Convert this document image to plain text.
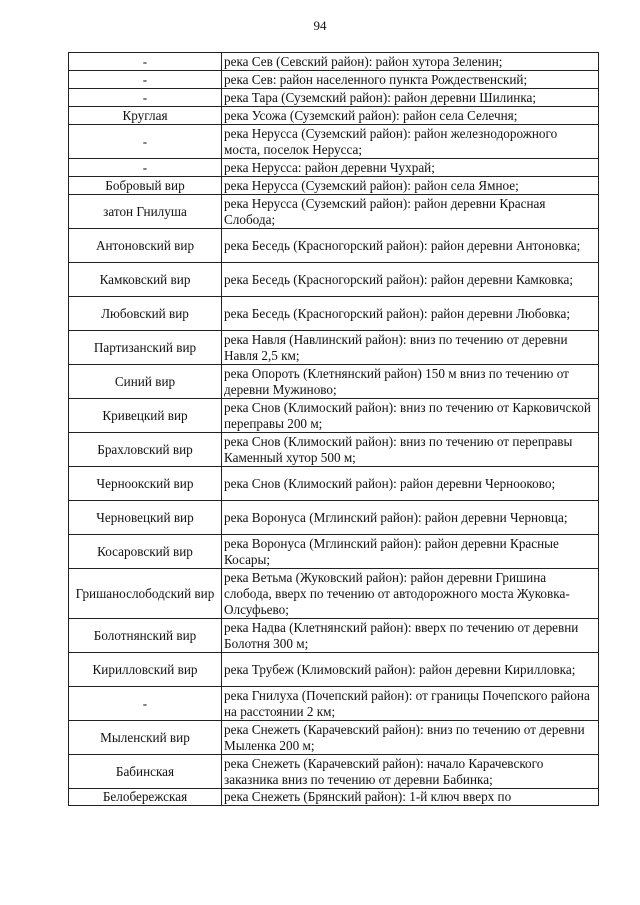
94
-	река Сев (Севский район): район хутора Зеленин;
-	река Сев: район населенного пункта Рождественский;
-	река Тара (Суземский район): район деревни Шилинка;
Круглая	река Усожа (Суземский район): район села Селечня;
-	река Нерусса (Суземский район): район железнодорожного моста, поселок Нерусса;
-	река Нерусса: район деревни Чухрай;
Бобровый вир	река Нерусса (Суземский район): район села Ямное;
затон Гнилуша	река Нерусса (Суземский район): район деревни Красная Слобода;
Антоновский вир	река Беседь (Красногорский район): район деревни Антоновка;
Камковский вир	река Беседь (Красногорский район): район деревни Камковка;
Любовский вир	река Беседь (Красногорский район): район деревни Любовка;
Партизанский вир	река Навля (Навлинский район): вниз по течению от деревни Навля 2,5 км;
Синий вир	река Опороть (Клетнянский район) 150 м вниз по течению от деревни Мужиново;
Кривецкий вир	река Снов (Климоский район): вниз по течению от Карковичской переправы 200 м;
Брахловский вир	река Снов (Климоский район): вниз по течению от переправы Каменный хутор 500 м;
Черноокский вир	река Снов (Климоский район): район деревни Чернооково;
Черновецкий вир	река Воронуса (Мглинский район): район деревни Черновца;
Косаровский вир	река Воронуса (Мглинский район): район деревни Красные Косары;
Гришанослободский вир	река Ветьма (Жуковский район): район деревни Гришина слобода, вверх по течению от автодорожного моста Жуковка-Олсуфьево;
Болотнянский вир	река Надва (Клетнянский район): вверх по течению от деревни Болотня 300 м;
Кирилловский вир	река Трубеж (Климовский район): район деревни Кирилловка;
-	река Гнилуха (Почепский район): от границы Почепского района на расстоянии 2 км;
Мыленский вир	река Снежеть (Карачевский район): вниз по течению от деревни Мыленка 200 м;
Бабинская	река Снежеть (Карачевский район): начало Карачевского заказника вниз по течению от деревни Бабинка;
Белобережская	река Снежеть (Брянский район): 1-й ключ вверх по
